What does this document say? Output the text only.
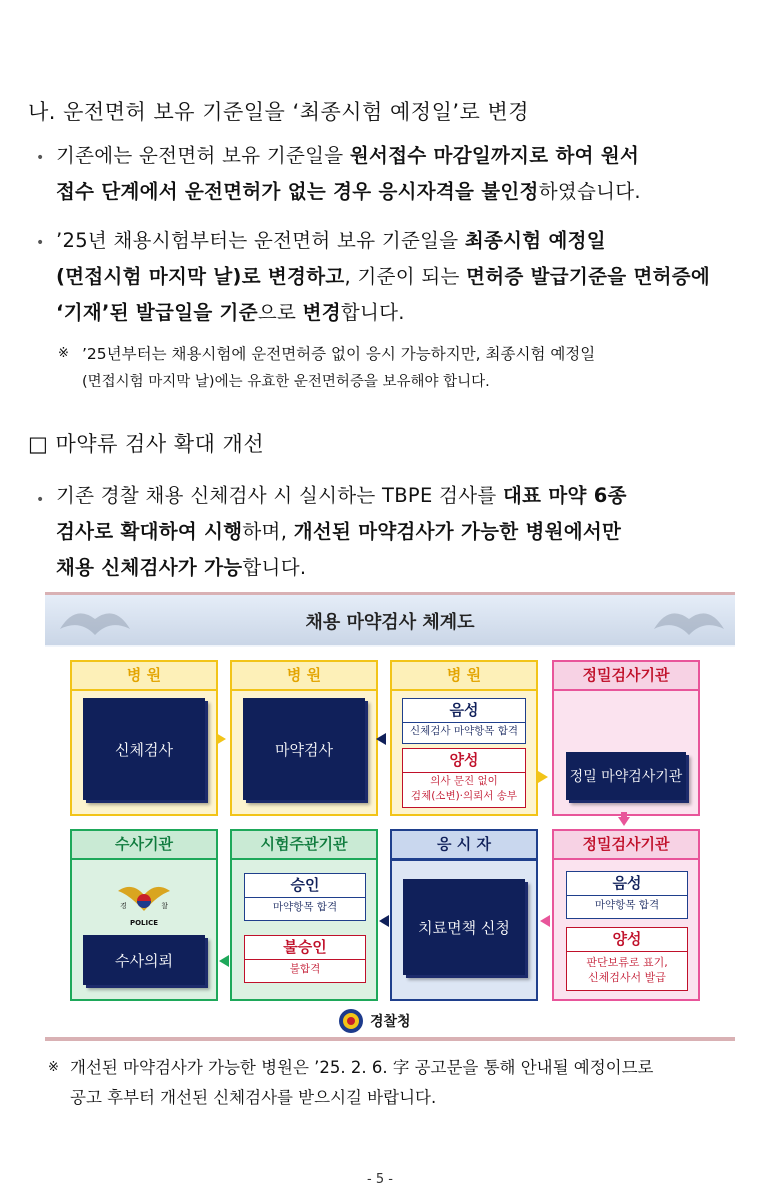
나. 운전면허 보유 기준일을 ‘최종시험 예정일’로 변경
• 기존에는 운전면허 보유 기준일을 원서접수 마감일까지로 하여 원서
접수 단계에서 운전면허가 없는 경우 응시자격을 불인정하였습니다.
• ’25년 채용시험부터는 운전면허 보유 기준일을 최종시험 예정일
(면접시험 마지막 날)로 변경하고, 기준이 되는 면허증 발급기준을 면허증에
‘기재’된 발급일을 기준으로 변경합니다.
※ ’25년부터는 채용시험에 운전면허증 없이 응시 가능하지만, 최종시험 예정일
(면접시험 마지막 날)에는 유효한 운전면허증을 보유해야 합니다.
□ 마약류 검사 확대 개선
• 기존 경찰 채용 신체검사 시 실시하는 TBPE 검사를 대표 마약 6종
검사로 확대하여 시행하며, 개선된 마약검사가 가능한 병원에서만
채용 신체검사가 가능합니다.
채용 마약검사 체계도
병 원
신체검사
병 원
마약검사
병 원
음성
신체검사 마약항목 합격
양성
의사 문진 없이
검체(소변)·의뢰서 송부
정밀검사기관
정밀 마약검사기관
수사기관
경	찰
POLICE
수사의뢰
시험주관기관
승인
마약항목 합격
불승인
불합격
응 시 자
치료면책 신청
정밀검사기관
음성
마약항목 합격
양성
판단보류로 표기,
신체검사서 발급
경찰청
※ 개선된 마약검사가 가능한 병원은 ’25. 2. 6. 字 공고문을 통해 안내될 예정이므로
공고 후부터 개선된 신체검사를 받으시길 바랍니다.
- 5 -
